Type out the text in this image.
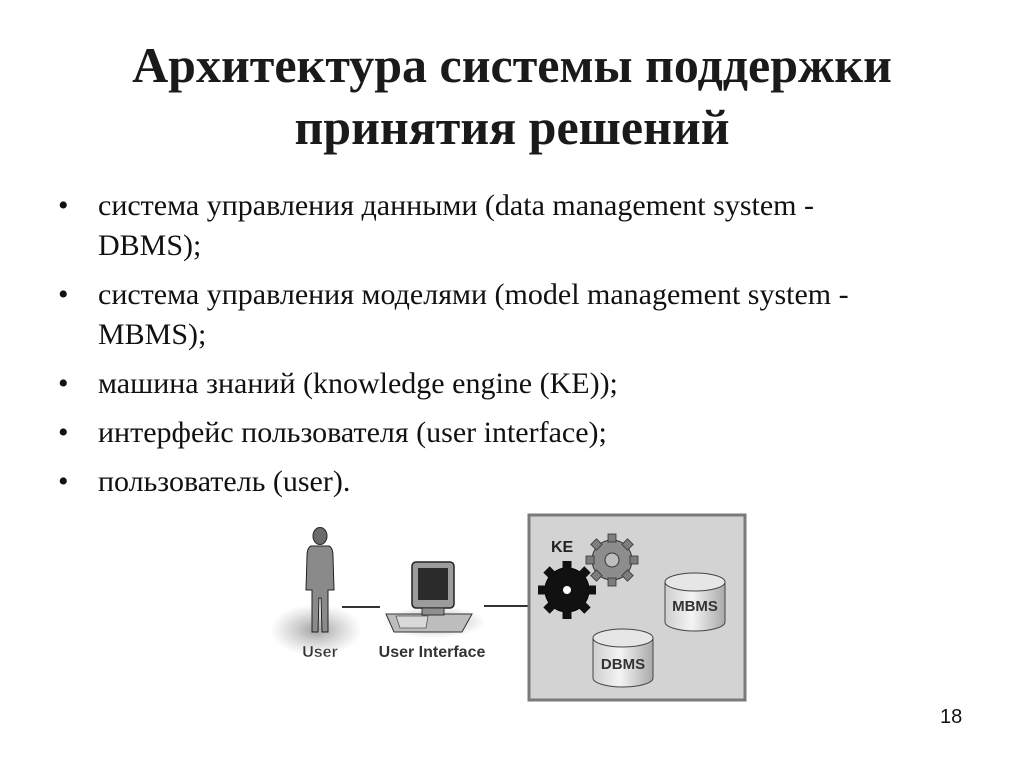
Архитектура системы поддержки
принятия решений
• система управления данными (data management system -
DBMS);
• система управления моделями (model management system -
MBMS);
• машина знаний (knowledge engine (KE));
• интерфейс пользователя (user interface);
• пользователь (user).
User	User Interface
KE
MBMS
DBMS
18
